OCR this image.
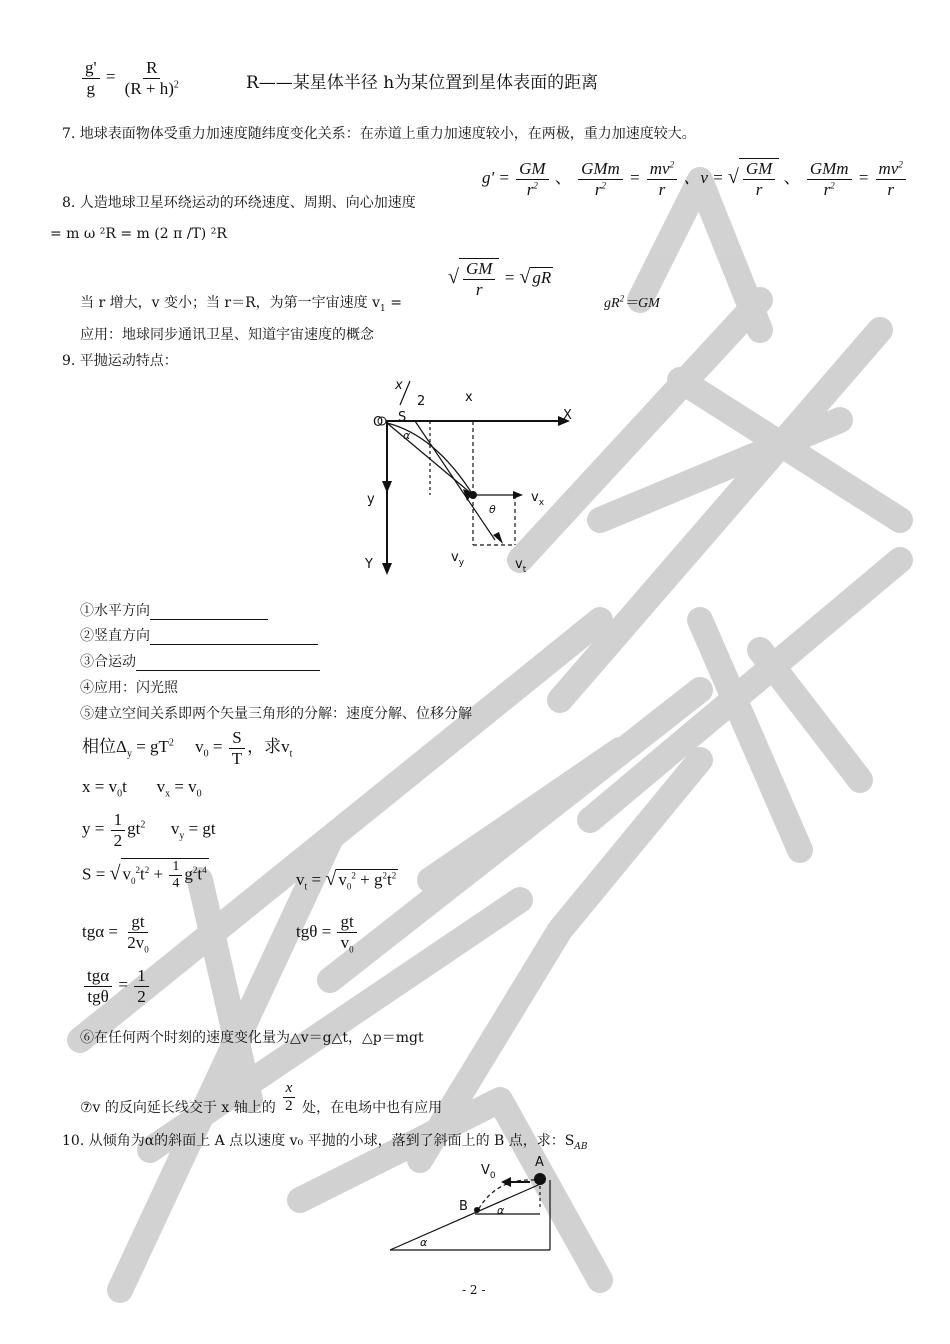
$\frac{g'}{g} = \frac{R}{(R + h)^2}$	R——某星体半径 h为某位置到星体表面的距离
7. 地球表面物体受重力加速度随纬度变化关系：在赤道上重力加速度较小，在两极，重力加速度较大。
8. 人造地球卫星环绕运动的环绕速度、周期、向心加速度
$g' = \frac{GM}{r^2}$ 、 $\frac{\text{GMm}}{r^2} = \frac{mv^2}{r}$ 、v = √ $\frac{GM}{r}$ 、 $\frac{\text{GMm}}{r^2} = \frac{mv^2}{r}$
= m ω ²R = m (2 π /T) ²R
当 r 增大，v 变小；当 r＝R，为第一宇宙速度 $v_1$ =
√ $\frac{GM}{r}$ = √ gR
$gR^2=GM$
应用：地球同步通讯卫星、知道宇宙速度的概念
9. 平抛运动特点：
x
2	x
X
O S
α
θ
y
Y
$v_x$
$v_y$	$v_t$
①水平方向
②竖直方向
③合运动
④应用：闪光照
⑤建立空间关系即两个矢量三角形的分解：速度分解、位移分解
相位$\Delta_y = gT^2$ $v_0 = \frac{S}{T}$ ，求$v_t$
$x = v_0t$ $v_x = v_0$
$y = \frac{1}{2} gt^2$ $v_y$ = gt
S = √ $v_0^2t^2 + \frac{1}{4} g^2t^4$
$v_t$ = √ $v_0^2 + g^2t^2$
$tg\alpha = \frac{gt}{2v_0}$	$tg\theta = \frac{gt}{v_0}$
$\frac{\text{tgα}}{\text{tgθ}} = \frac{1}{2}$
⑥在任何两个时刻的速度变化量为△v＝g△t，△p＝mgt
⑦v 的反向延长线交于 x 轴上的 $\frac{x}{2}$ 处，在电场中也有应用
10. 从倾角为α的斜面上 A 点以速度 v₀ 平抛的小球，落到了斜面上的 B 点，求：$S_{AB}$
$V_0$
A
B	α
α
- 2 -
